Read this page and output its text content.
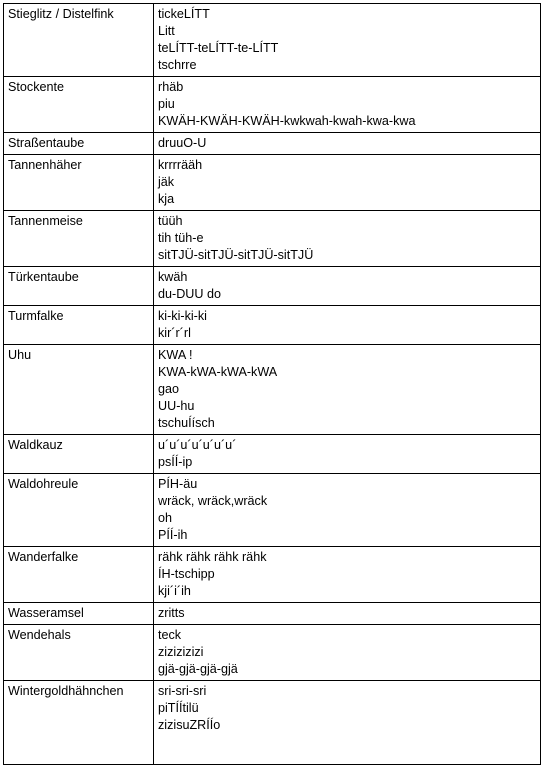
Stieglitz / Distelfink	tickeLÍTT
Litt
teLÍTT-teLÍTT-te-LÍTT
tschrre

Stockente	rhäb
piu
KWÄH-KWÄH-KWÄH-kwkwah-kwah-kwa-kwa

Straßentaube	druuO-U

Tannenhäher	krrrrääh
jäk
kja

Tannenmeise	tüüh
tih tüh-e
sitTJÜ-sitTJÜ-sitTJÜ-sitTJÜ

Türkentaube	kwäh
du-DUU do

Turmfalke	ki-ki-ki-ki
kir´r´rl

Uhu	KWA !
KWA-kWA-kWA-kWA
gao
UU-hu
tschuÍísch

Waldkauz	u´u´u´u´u´u´u´
psÍÍ-ip

Waldohreule	PÍH-äu
wräck, wräck,wräck
oh
PÍÍ-ih

Wanderfalke	rähk rähk rähk rähk
ÍH-tschipp
kji´i´ih

Wasseramsel	zritts

Wendehals	teck
zizizizizi
gjä-gjä-gjä-gjä

Wintergoldhähnchen	sri-sri-sri
piTÍÍtilü
zizisuZRÍÍo
